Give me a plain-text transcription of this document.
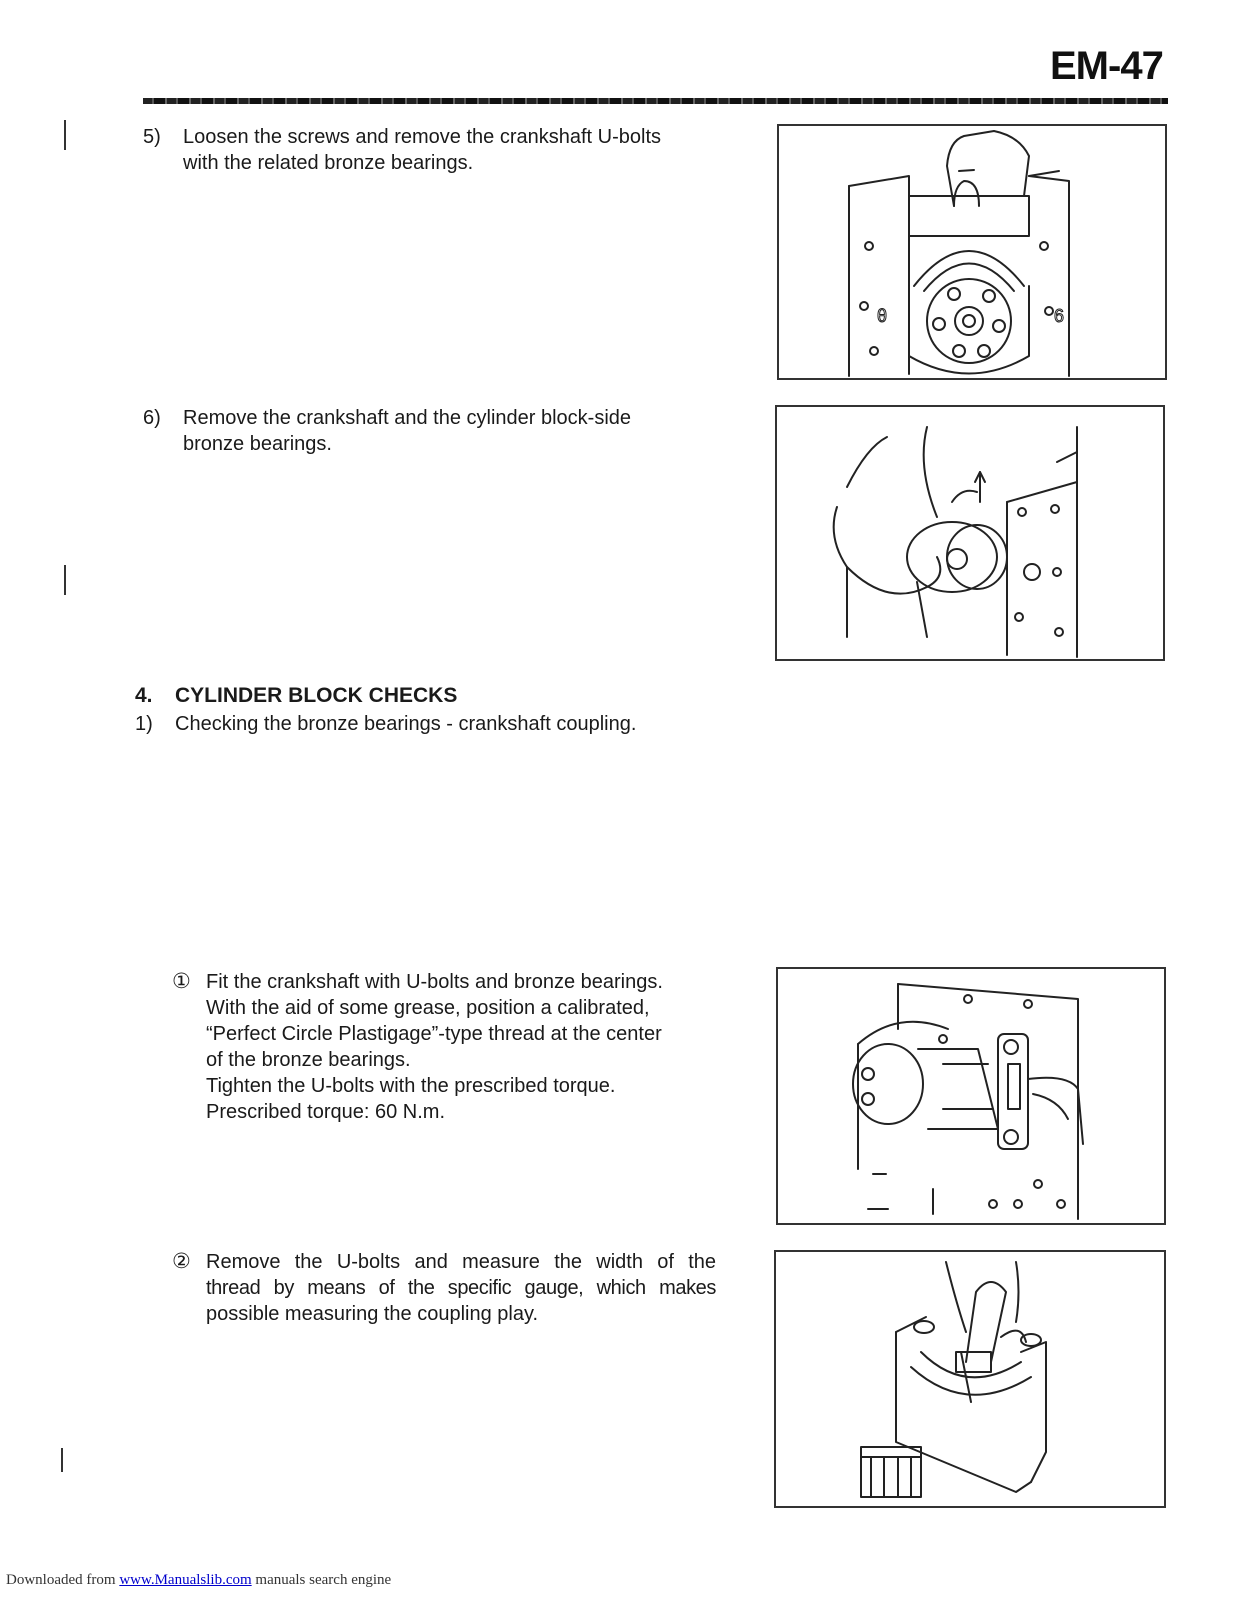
EM-47
5) Loosen the screws and remove the crankshaft U-bolts
with the related bronze bearings.
θ	6
6) Remove the crankshaft and the cylinder block-side
bronze bearings.
4. CYLINDER BLOCK CHECKS
1) Checking the bronze bearings - crankshaft coupling.
① Fit the crankshaft with U-bolts and bronze bearings.
With the aid of some grease, position a calibrated,
“Perfect Circle Plastigage”-type thread at the center
of the bronze bearings.
Tighten the U-bolts with the prescribed torque.
Prescribed torque: 60 N.m.
② Remove the U-bolts and measure the width of the
thread by means of the specific gauge, which makes
possible measuring the coupling play.
Downloaded from www.Manualslib.com manuals search engine
